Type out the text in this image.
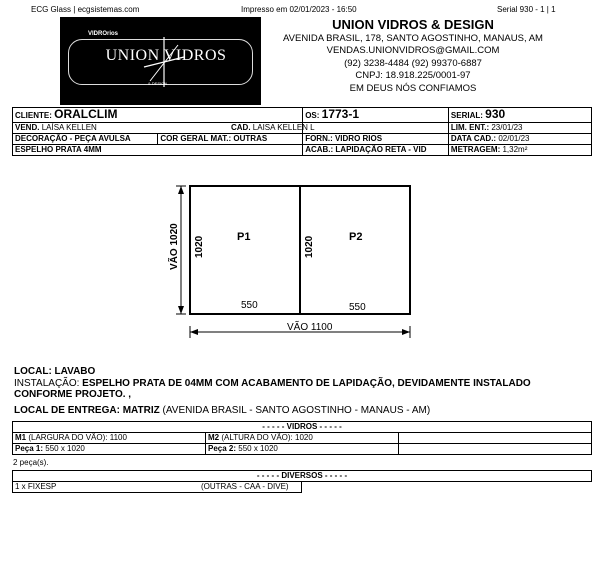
ECG Glass | ecgsistemas.com	Impresso em 02/01/2023 - 16:50	Serial 930 - 1 | 1
VIDROrios
UNION VIDROS
& DESIGN
UNION VIDROS & DESIGN
AVENIDA BRASIL, 178, SANTO AGOSTINHO, MANAUS, AM
VENDAS.UNIONVIDROS@GMAIL.COM
(92) 3238-4484 (92) 99370-6887
CNPJ: 18.918.225/0001-97
EM DEUS NÓS CONFIAMOS
CLIENTE: ORALCLIM		OS: 1773-1	SERIAL: 930
VEND. LAÍSA KELLEN CAD. LAISA KELLEN L			LIM. ENT.: 23/01/23
DECORAÇÃO - PEÇA AVULSA	COR GERAL MAT.: OUTRAS	FORN.: VIDRO RIOS	DATA CAD.: 02/01/23
ESPELHO PRATA 4MM		ACAB.: LAPIDAÇÃO RETA - VID	METRAGEM: 1,32m²
P1	P2
1020	1020
550	550
VÃO 1020
VÃO 1100
LOCAL: LAVABO
INSTALAÇÃO: ESPELHO PRATA DE 04MM COM ACABAMENTO DE LAPIDAÇÃO, DEVIDAMENTE INSTALADO CONFORME PROJETO. ,
LOCAL DE ENTREGA: MATRIZ (AVENIDA BRASIL - SANTO AGOSTINHO - MANAUS - AM)
- - - - - VIDROS - - - - -		
M1 (LARGURA DO VÃO): 1100	M2 (ALTURA DO VÃO): 1020	
Peça 1: 550 x 1020	Peça 2: 550 x 1020	
2 peça(s).
- - - - - DIVERSOS - - - - -
1 x FIXESP	(OUTRAS - CAA - DIVE)
